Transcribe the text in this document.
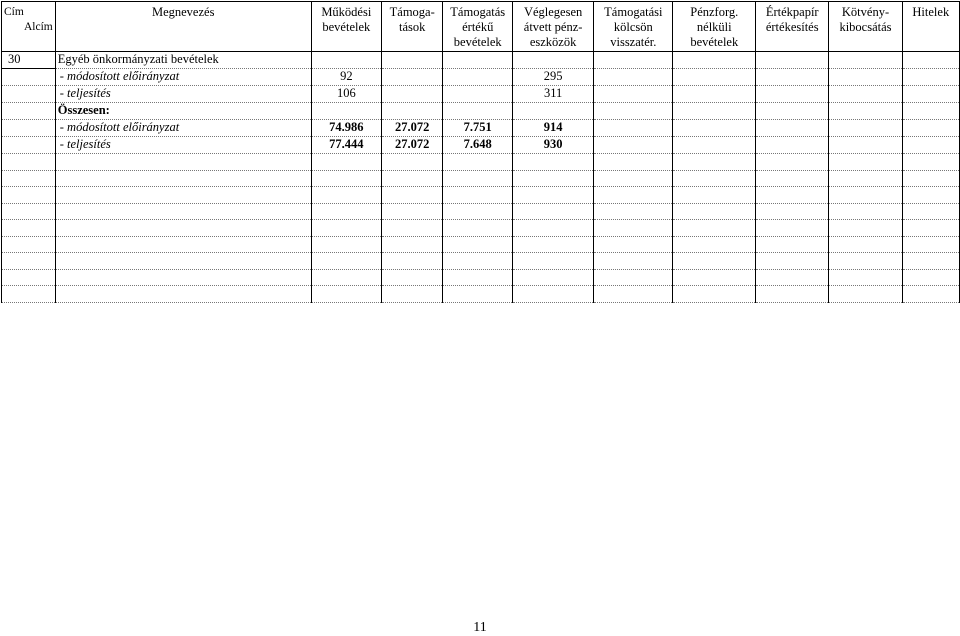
Cím
Alcím	Megnevezés	Működési bevételek	Támoga-tások	Támogatás értékű bevételek	Véglegesen átvett pénz-eszközök	Támogatási kölcsön visszatér.	Pénzforg. nélküli bevételek	Értékpapír értékesítés	Kötvény-kibocsátás	Hitelek
30	Egyéb önkormányzati bevételek									
	- módosított előirányzat	92			295					
	- teljesítés	106			311					
	Összesen:									
	- módosított előirányzat	74.986	27.072	7.751	914					
	- teljesítés	77.444	27.072	7.648	930					

11
